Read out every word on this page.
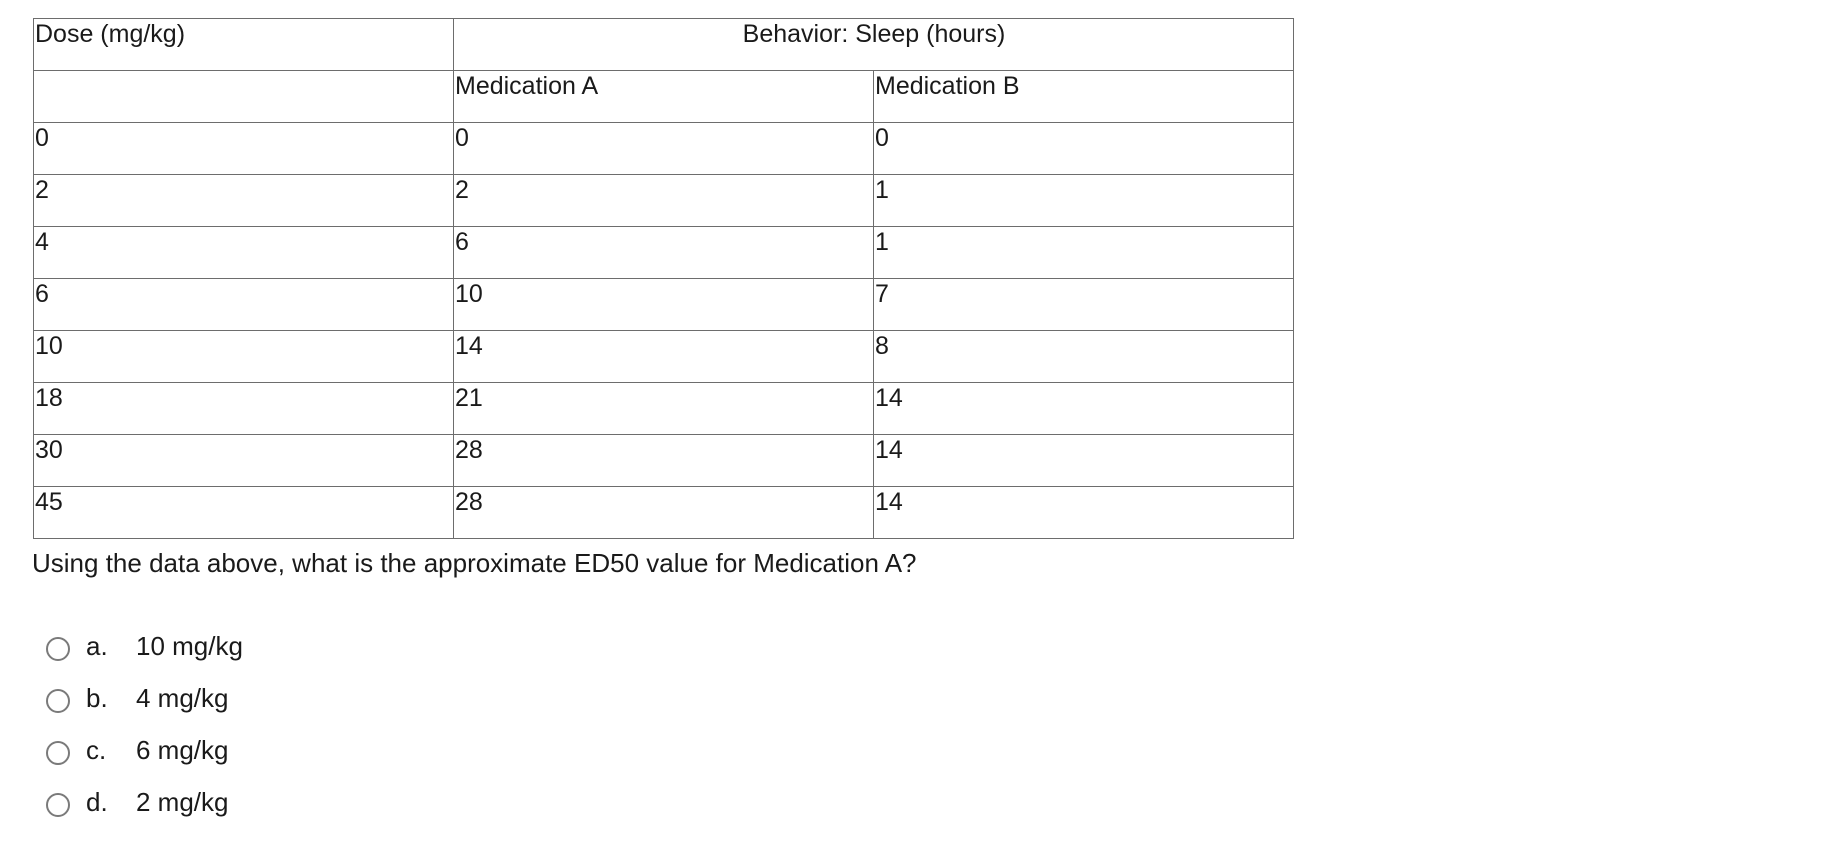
Dose (mg/kg)	Behavior: Sleep (hours)	
	Medication A	Medication B
0	0	0
2	2	1
4	6	1
6	10	7
10	14	8
18	21	14
30	28	14
45	28	14
Using the data above, what is the approximate ED50 value for Medication A?
a.	10 mg/kg
b.	4 mg/kg
c.	6 mg/kg
d.	2 mg/kg
